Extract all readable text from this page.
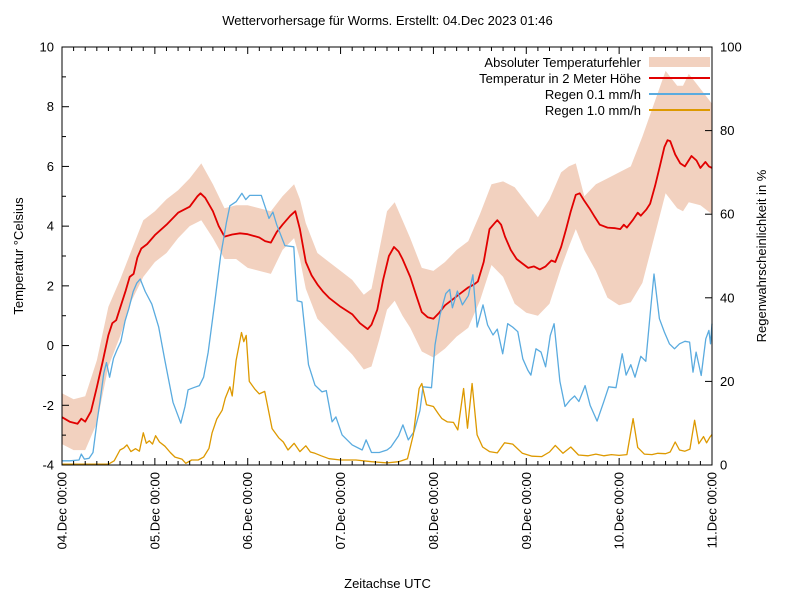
Wettervorhersage für Worms. Erstellt: 04.Dec 2023 01:46
-4
-2
0
2
4
6
8
10
0
20
40
60
80
100
04.Dec 00:00	05.Dec 00:00	06.Dec 00:00	07.Dec 00:00	08.Dec 00:00	09.Dec 00:00	10.Dec 00:00	11.Dec 00:00
Temperatur °Celsius	Regenwahrscheinlichkeit in %
Zeitachse UTC
Absoluter Temperaturfehler
Temperatur in 2 Meter Höhe
Regen 0.1 mm/h
Regen 1.0 mm/h
